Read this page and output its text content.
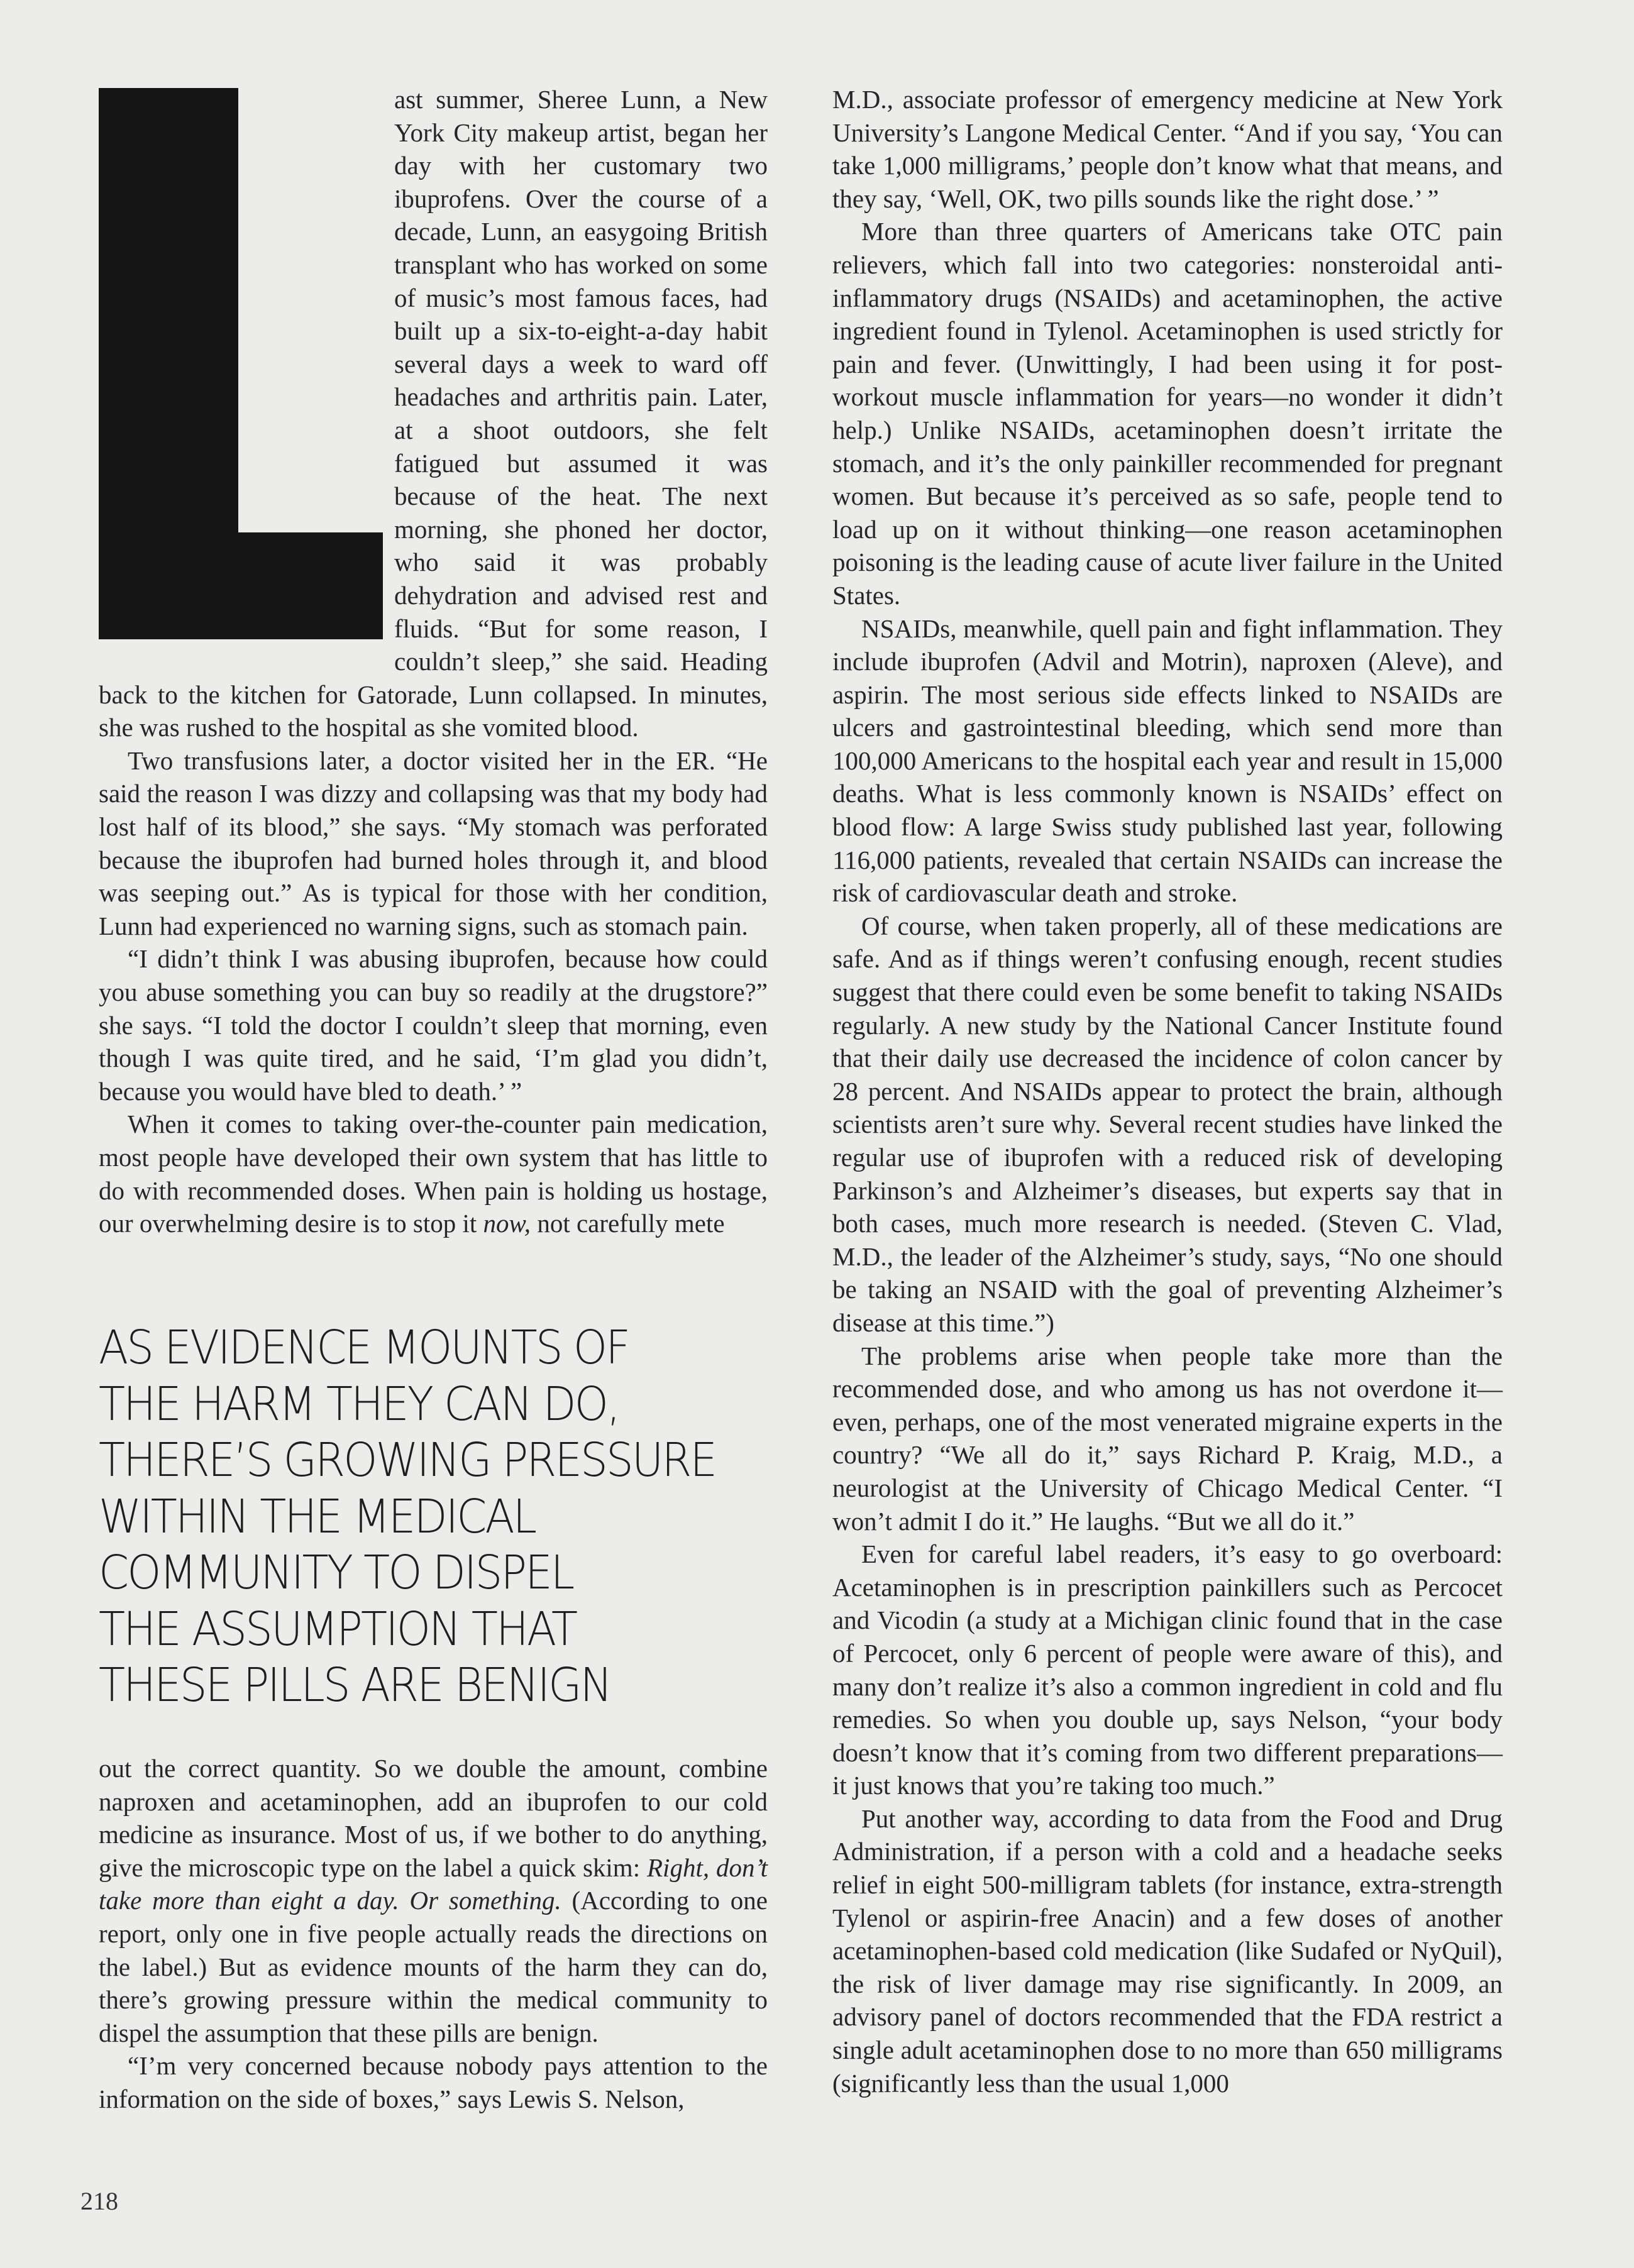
ast summer, Sheree Lunn, a New York City makeup artist, began her day with her customary two ibuprofens. Over the course of a decade, Lunn, an easygoing British transplant who has worked on some of music’s most famous faces, had built up a six-to-eight-a-day habit several days a week to ward off headaches and arthritis pain. Later, at a shoot outdoors, she felt fatigued but assumed it was because of the heat. The next morning, she phoned her doctor, who said it was probably dehydration and advised rest and fluids. “But for some reason, I couldn’t sleep,” she said. Heading back to the kitchen for Gatorade, Lunn collapsed. In minutes, she was rushed to the hospital as she vomited blood.

Two transfusions later, a doctor visited her in the ER. “He said the reason I was dizzy and collapsing was that my body had lost half of its blood,” she says. “My stomach was perforated because the ibuprofen had burned holes through it, and blood was seeping out.” As is typical for those with her condition, Lunn had experienced no warning signs, such as stomach pain.

“I didn’t think I was abusing ibuprofen, because how could you abuse something you can buy so readily at the drugstore?” she says. “I told the doctor I couldn’t sleep that morning, even though I was quite tired, and he said, ‘I’m glad you didn’t, because you would have bled to death.’ ”

When it comes to taking over-the-counter pain medication, most people have developed their own system that has little to do with recommended doses. When pain is holding us hostage, our overwhelming desire is to stop it now, not carefully mete

AS EVIDENCE MOUNTS OF
THE HARM THEY CAN DO,
THERE’S GROWING PRESSURE
WITHIN THE MEDICAL
COMMUNITY TO DISPEL
THE ASSUMPTION THAT
THESE PILLS ARE BENIGN

out the correct quantity. So we double the amount, combine naproxen and acetaminophen, add an ibuprofen to our cold medicine as insurance. Most of us, if we bother to do anything, give the microscopic type on the label a quick skim: Right, don’t take more than eight a day. Or something. (According to one report, only one in five people actually reads the directions on the label.) But as evidence mounts of the harm they can do, there’s growing pressure within the medical community to dispel the assumption that these pills are benign.

“I’m very concerned because nobody pays attention to the information on the side of boxes,” says Lewis S. Nelson,

M.D., associate professor of emergency medicine at New York University’s Langone Medical Center. “And if you say, ‘You can take 1,000 milligrams,’ people don’t know what that means, and they say, ‘Well, OK, two pills sounds like the right dose.’ ”

More than three quarters of Americans take OTC pain relievers, which fall into two categories: nonsteroidal anti-inflammatory drugs (NSAIDs) and acetaminophen, the active ingredient found in Tylenol. Acetaminophen is used strictly for pain and fever. (Unwittingly, I had been using it for post-workout muscle inflammation for years—no wonder it didn’t help.) Unlike NSAIDs, acetaminophen doesn’t irritate the stomach, and it’s the only painkiller recommended for pregnant women. But because it’s perceived as so safe, people tend to load up on it without thinking—one reason acetaminophen poisoning is the leading cause of acute liver failure in the United States.

NSAIDs, meanwhile, quell pain and fight inflammation. They include ibuprofen (Advil and Motrin), naproxen (Aleve), and aspirin. The most serious side effects linked to NSAIDs are ulcers and gastrointestinal bleeding, which send more than 100,000 Americans to the hospital each year and result in 15,000 deaths. What is less commonly known is NSAIDs’ effect on blood flow: A large Swiss study published last year, following 116,000 patients, revealed that certain NSAIDs can increase the risk of cardiovascular death and stroke.

Of course, when taken properly, all of these medications are safe. And as if things weren’t confusing enough, recent studies suggest that there could even be some benefit to taking NSAIDs regularly. A new study by the National Cancer Institute found that their daily use decreased the incidence of colon cancer by 28 percent. And NSAIDs appear to protect the brain, although scientists aren’t sure why. Several recent studies have linked the regular use of ibuprofen with a reduced risk of developing Parkinson’s and Alzheimer’s diseases, but experts say that in both cases, much more research is needed. (Steven C. Vlad, M.D., the leader of the Alzheimer’s study, says, “No one should be taking an NSAID with the goal of preventing Alzheimer’s disease at this time.”)

The problems arise when people take more than the recommended dose, and who among us has not overdone it—even, perhaps, one of the most venerated migraine experts in the country? “We all do it,” says Richard P. Kraig, M.D., a neurologist at the University of Chicago Medical Center. “I won’t admit I do it.” He laughs. “But we all do it.”

Even for careful label readers, it’s easy to go overboard: Acetaminophen is in prescription painkillers such as Percocet and Vicodin (a study at a Michigan clinic found that in the case of Percocet, only 6 percent of people were aware of this), and many don’t realize it’s also a common ingredient in cold and flu remedies. So when you double up, says Nelson, “your body doesn’t know that it’s coming from two different preparations—it just knows that you’re taking too much.”

Put another way, according to data from the Food and Drug Administration, if a person with a cold and a headache seeks relief in eight 500-milligram tablets (for instance, extra-strength Tylenol or aspirin-free Anacin) and a few doses of another acetaminophen-based cold medication (like Sudafed or NyQuil), the risk of liver damage may rise significantly. In 2009, an advisory panel of doctors recommended that the FDA restrict a single adult acetaminophen dose to no more than 650 milligrams (significantly less than the usual 1,000

218
